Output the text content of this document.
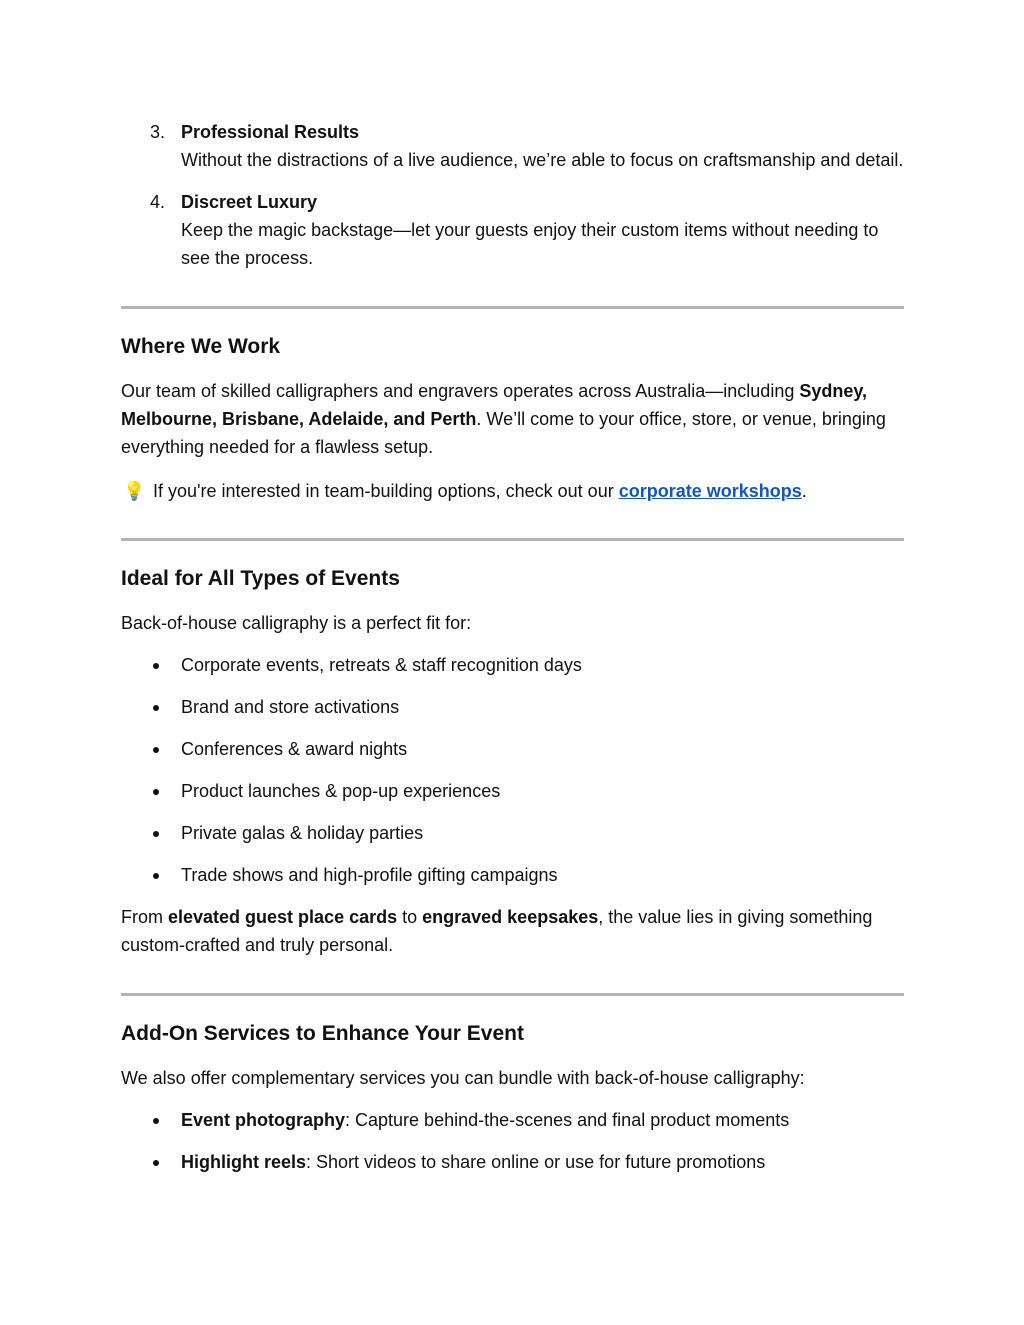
3. Professional Results
Without the distractions of a live audience, we’re able to focus on craftsmanship and detail.
4. Discreet Luxury
Keep the magic backstage—let your guests enjoy their custom items without needing to see the process.
Where We Work

Our team of skilled calligraphers and engravers operates across Australia—including Sydney, Melbourne, Brisbane, Adelaide, and Perth. We’ll come to your office, store, or venue, bringing everything needed for a flawless setup.

💡 If you're interested in team-building options, check out our corporate workshops.

Ideal for All Types of Events

Back-of-house calligraphy is a perfect fit for:

Corporate events, retreats & staff recognition days
Brand and store activations
Conferences & award nights
Product launches & pop-up experiences
Private galas & holiday parties
Trade shows and high-profile gifting campaigns

From elevated guest place cards to engraved keepsakes, the value lies in giving something custom-crafted and truly personal.

Add-On Services to Enhance Your Event

We also offer complementary services you can bundle with back-of-house calligraphy:

Event photography: Capture behind-the-scenes and final product moments
Highlight reels: Short videos to share online or use for future promotions
